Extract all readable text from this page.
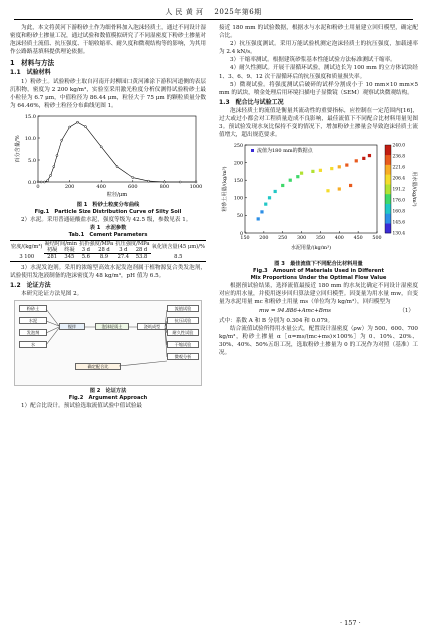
人 民 黄 河 2025年第6期

为此，本文将黄河下游粉砂土作为细骨料加入泡沫轻质土，通过不同设计湿密度和粉砂土掺量工况，通过试验和数值模拟研究了不同湿密度下粉砂土掺量对泡沫轻质土流值、抗压强度、干缩收缩率、耐久度和微观结构等的影响，为其用作公路路基填料提供理论依据。

1　材料与方法
1.1　试验材料

1）粉砂土。试验粉砂土取自河南开封柳园口黄河滩涂下游积河道侧的表层沉积物，密度为 2 200 kg/m³，实验室采用激光粒度分析仪测得试验粉砂土最小粒径为 6.7 μm，中值粒径为 86.44 μm，粒径大于 75 μm 的颗粒质量分数为 64.46%，粉砂土粒径分布曲线见图 1。

0	200	400	600	800	1000
0.0
5.0
10.0
15.0
粒径/μm
百分含量/%
图 1　粉砂土粒度分布曲线
Fig.1　Particle Size Distribution Curve of Silty Soil

2）水泥。采用普通硅酸盐水泥，强度等级为 42.5 级，参数见表 1。

表 1　水泥参数
Tab.1　Cement Parameters
密度/(kg/m³)	凝结时间/min		抗折强度/MPa		抗压强度/MPa		氧化镁含量(45 μm)/%
	初凝	终凝	3 d	28 d	3 d	28 d	
3 100	281	345	5.6	8.9	27.4	53.8	8.5

3）水泥发泡剂。采用的浓缩型高效水泥发泡剂属于植物源复合类发泡剂，试验使用发泡液制备的泡沫密度为 48 kg/m³，pH 值为 6.5。

1.2　论证方法

本研究论证方法见图 2。

粉砂土
水泥
发泡剂
水
搅拌	泡沫轻质土	浇筑成型
流值试验
抗压试验
耐久性试验
干缩试验
微观分析
确定配合比
图 2　论证方法
Fig.2　Argument Approach

1）配合比设计。预试验选取流值试验中值试验最

接近 180 mm 的试验数据，根据水与水泥和粉砂土用量建立回归模型，确定配合比。

2）抗压强度测试。采用万能试验机测定泡沫轻质土的抗压强度，加载速率为 2.4 kN/s。

3）干缩率测试。根据建筑砂浆基本性能试验方法标准测试干缩率。

4）耐久性测试。开展干湿循环试验，测试边长为 100 mm 的立方体试块经 1、3、6、9、12 次干湿循环后的抗压强度和质量损失率。

5）微观试验。将强度测试后破碎的试样分割成小于 10 mm×10 mm×5 mm 的试块，喷金处理后用环境扫描电子显微镜（SEM）观察试块微观结构。

1.3　配合比与试验工况

泡沫轻质土的流值是衡量其流动性的重要指标，应控制在一定范围内[16]，过大或过小都会对工程质量造成不良影响，最佳流值下不同配合比材料用量见图 3。预试验发现水灰比保持不变的情况下，增加粉砂土掺量会导致泡沫轻质土流值增大，超出规范要求。

150 200 250 300 350 400 450 500
0
50
100
150
200
250
水泥用量/(kg/m³)
粉砂土用量/(kg/m³)
流值为180 mm的数据点
130.4
145.6
160.8
176.0
191.2
206.4
221.6
236.8
240.0
用水量/(kg/m³)
图 3　最佳流值下不同配合比材料用量
Fig.3　Amount of Materials Used in Different
Mix Proportions Under the Optimal Flow Value

根据预试验结果，选择流值最接近 180 mm 的水灰比确定不同设计湿密度对应的用水量，并使用逐步回归算法建立回归模型。因变量为用水量 mw，自变量为水泥用量 mc 和粉砂土用量 ms（单位均为 kg/m³），回归模型为

mw = 94.886+Amc+Bms	（1）

式中：系数 A 和 B 分别为 0.304 和 0.079。

结合流值试验所得用水量公式，配置设计湿密度（ρw）为 500、600、700 kg/m³，粉砂土掺量 α［α=ms/(mc+ms)×100%］为 0、10%、20%、30%、40%、50%五组工况，选取粉砂土掺量为 0 的工况作为对照（基准）工况。

· 157 ·
